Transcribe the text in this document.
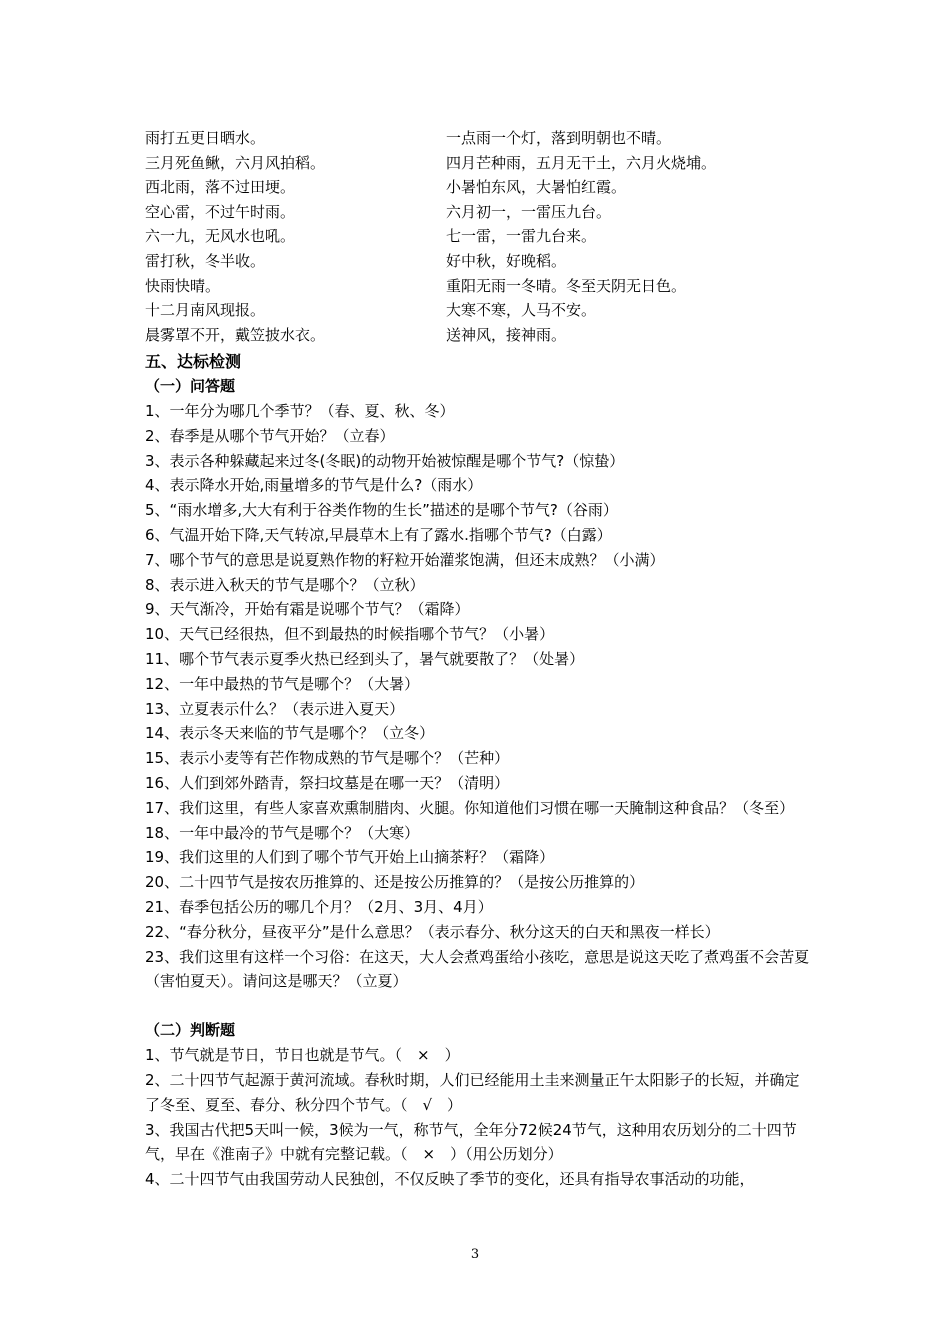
雨打五更日晒水。	一点雨一个灯，落到明朝也不晴。
三月死鱼鳅，六月风拍稻。	四月芒种雨，五月无干土，六月火烧埔。
西北雨，落不过田埂。	小暑怕东风，大暑怕红霞。
空心雷，不过午时雨。	六月初一，一雷压九台。
六一九，无风水也吼。	七一雷，一雷九台来。
雷打秋，冬半收。	好中秋，好晚稻。
快雨快晴。	重阳无雨一冬晴。冬至天阴无日色。
十二月南风现报。	大寒不寒，人马不安。
晨雾罩不开，戴笠披水衣。	送神风，接神雨。
五、达标检测
（一）问答题
1、一年分为哪几个季节？（春、夏、秋、冬）
2、春季是从哪个节气开始？（立春）
3、表示各种躲藏起来过冬(冬眠)的动物开始被惊醒是哪个节气?（惊蛰）
4、表示降水开始,雨量增多的节气是什么?（雨水）
5、“雨水增多,大大有利于谷类作物的生长”描述的是哪个节气?（谷雨）
6、气温开始下降,天气转凉,早晨草木上有了露水.指哪个节气?（白露）
7、哪个节气的意思是说夏熟作物的籽粒开始灌浆饱满，但还末成熟？（小满）
8、表示进入秋天的节气是哪个？（立秋）
9、天气渐冷，开始有霜是说哪个节气？（霜降）
10、天气已经很热，但不到最热的时候指哪个节气？（小暑）
11、哪个节气表示夏季火热已经到头了，暑气就要散了？（处暑）
12、一年中最热的节气是哪个？（大暑）
13、立夏表示什么？（表示进入夏天）
14、表示冬天来临的节气是哪个？（立冬）
15、表示小麦等有芒作物成熟的节气是哪个？（芒种）
16、人们到郊外踏青，祭扫坟墓是在哪一天？（清明）
17、我们这里，有些人家喜欢熏制腊肉、火腿。你知道他们习惯在哪一天腌制这种食品？（冬至）
18、一年中最冷的节气是哪个？（大寒）
19、我们这里的人们到了哪个节气开始上山摘茶籽？（霜降）
20、二十四节气是按农历推算的、还是按公历推算的？（是按公历推算的）
21、春季包括公历的哪几个月？（2月、3月、4月）
22、“春分秋分，昼夜平分”是什么意思？（表示春分、秋分这天的白天和黑夜一样长）
23、我们这里有这样一个习俗：在这天，大人会煮鸡蛋给小孩吃，意思是说这天吃了煮鸡蛋不会苦夏（害怕夏天）。请问这是哪天？（立夏）
（二）判断题
1、节气就是节日，节日也就是节气。（　×　）
2、二十四节气起源于黄河流域。春秋时期，人们已经能用土圭来测量正午太阳影子的长短，并确定了冬至、夏至、春分、秋分四个节气。（　√　）
3、我国古代把5天叫一候，3候为一气，称节气，全年分72候24节气，这种用农历划分的二十四节气，早在《淮南子》中就有完整记载。（　×　）（用公历划分）
4、二十四节气由我国劳动人民独创，不仅反映了季节的变化，还具有指导农事活动的功能，
3
